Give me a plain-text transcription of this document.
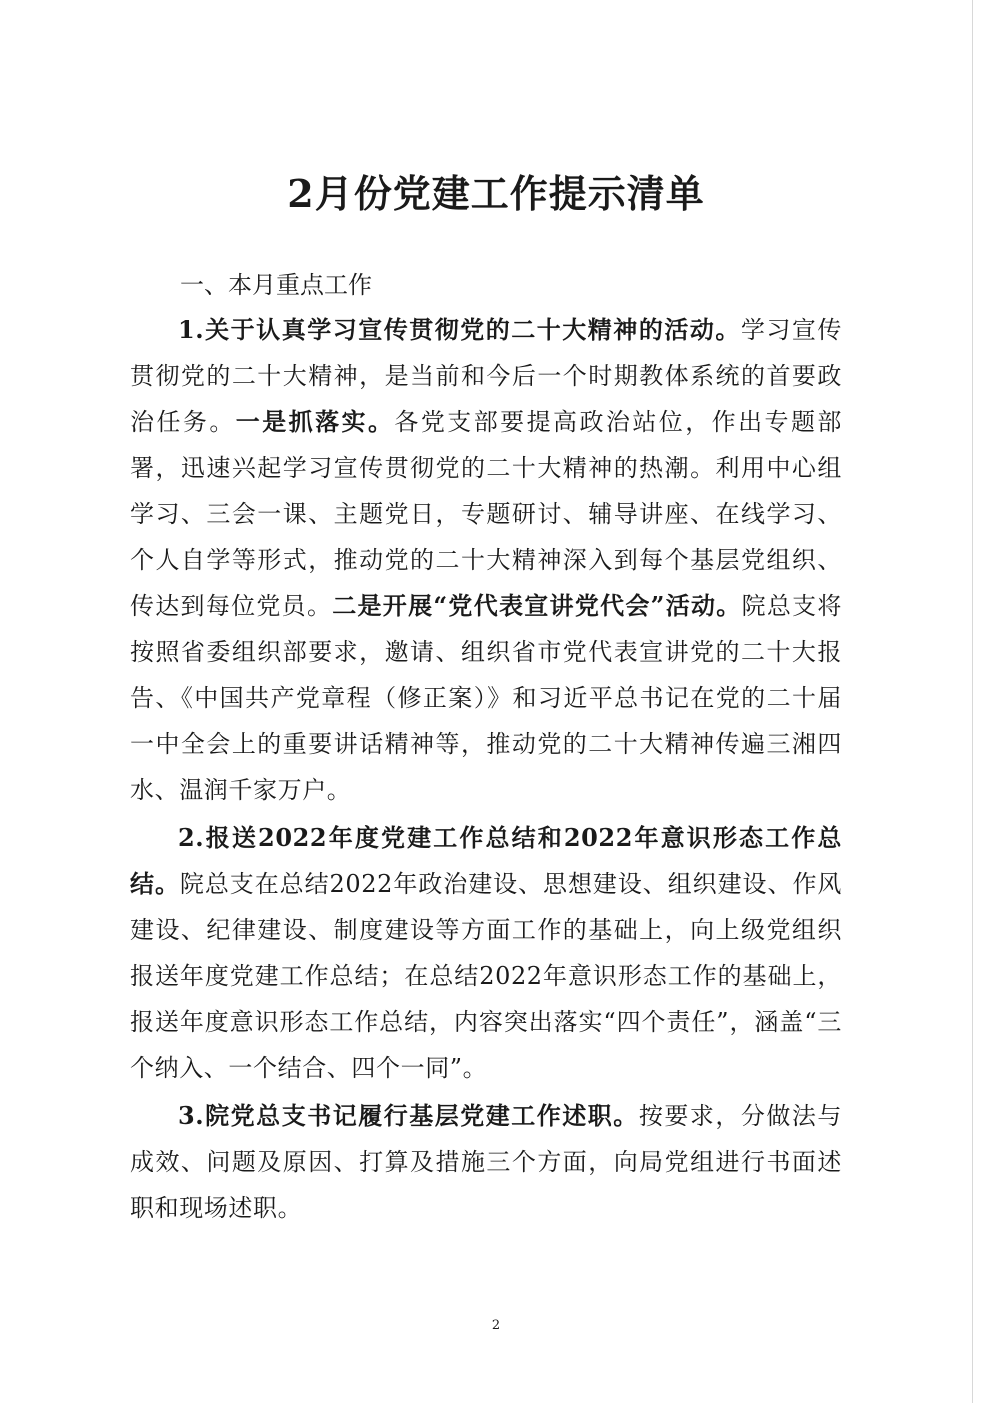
2月份党建工作提示清单
一、本月重点工作

1.关于认真学习宣传贯彻党的二十大精神的活动。学习宣传贯彻党的二十大精神，是当前和今后一个时期教体系统的首要政治任务。一是抓落实。各党支部要提高政治站位，作出专题部署，迅速兴起学习宣传贯彻党的二十大精神的热潮。利用中心组学习、三会一课、主题党日，专题研讨、辅导讲座、在线学习、个人自学等形式，推动党的二十大精神深入到每个基层党组织、传达到每位党员。二是开展“党代表宣讲党代会”活动。院总支将按照省委组织部要求，邀请、组织省市党代表宣讲党的二十大报告、《中国共产党章程（修正案）》和习近平总书记在党的二十届一中全会上的重要讲话精神等，推动党的二十大精神传遍三湘四水、温润千家万户。

2.报送2022年度党建工作总结和2022年意识形态工作总结。院总支在总结2022年政治建设、思想建设、组织建设、作风建设、纪律建设、制度建设等方面工作的基础上，向上级党组织报送年度党建工作总结；在总结2022年意识形态工作的基础上，报送年度意识形态工作总结，内容突出落实“四个责任”，涵盖“三个纳入、一个结合、四个一同”。

3.院党总支书记履行基层党建工作述职。按要求，分做法与成效、问题及原因、打算及措施三个方面，向局党组进行书面述职和现场述职。

2
